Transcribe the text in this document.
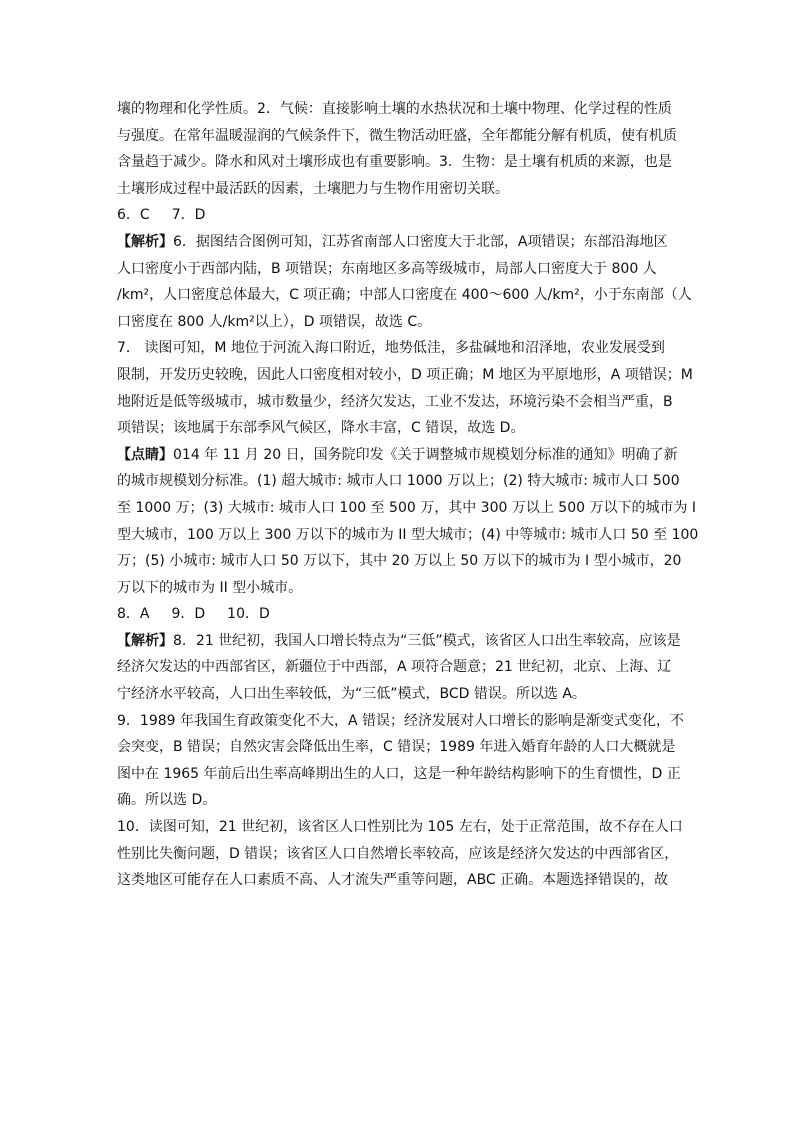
壤的物理和化学性质。2．气候：直接影响土壤的水热状况和土壤中物理、化学过程的性质
与强度。在常年温暖湿润的气候条件下，微生物活动旺盛，全年都能分解有机质，使有机质
含量趋于减少。降水和风对土壤形成也有重要影响。3．生物：是土壤有机质的来源，也是
土壤形成过程中最活跃的因素，土壤肥力与生物作用密切关联。
6．C 7．D
【解析】6．据图结合图例可知，江苏省南部人口密度大于北部，A项错误；东部沿海地区
人口密度小于西部内陆，B 项错误；东南地区多高等级城市，局部人口密度大于 800 人
/km²，人口密度总体最大，C 项正确；中部人口密度在 400～600 人/km²，小于东南部（人
口密度在 800 人/km²以上），D 项错误，故选 C。
7． 读图可知，M 地位于河流入海口附近，地势低洼，多盐碱地和沼泽地，农业发展受到
限制，开发历史较晚，因此人口密度相对较小，D 项正确；M 地区为平原地形，A 项错误；M
地附近是低等级城市，城市数量少，经济欠发达，工业不发达，环境污染不会相当严重，B
项错误；该地属于东部季风气候区，降水丰富，C 错误，故选 D。
【点睛】014 年 11 月 20 日，国务院印发《关于调整城市规模划分标准的通知》明确了新
的城市规模划分标准。(1) 超大城市: 城市人口 1000 万以上；(2) 特大城市: 城市人口 500
至 1000 万；(3) 大城市: 城市人口 100 至 500 万，其中 300 万以上 500 万以下的城市为 I
型大城市，100 万以上 300 万以下的城市为 II 型大城市；(4) 中等城市: 城市人口 50 至 100
万；(5) 小城市: 城市人口 50 万以下，其中 20 万以上 50 万以下的城市为 I 型小城市，20
万以下的城市为 II 型小城市。
8．A 9．D 10．D
【解析】8．21 世纪初，我国人口增长特点为“三低”模式，该省区人口出生率较高，应该是
经济欠发达的中西部省区，新疆位于中西部，A 项符合题意；21 世纪初，北京、上海、辽
宁经济水平较高，人口出生率较低，为“三低”模式，BCD 错误。所以选 A。
9．1989 年我国生育政策变化不大，A 错误；经济发展对人口增长的影响是渐变式变化，不
会突变，B 错误；自然灾害会降低出生率，C 错误；1989 年进入婚育年龄的人口大概就是
图中在 1965 年前后出生率高峰期出生的人口，这是一种年龄结构影响下的生育惯性，D 正
确。所以选 D。
10．读图可知，21 世纪初，该省区人口性别比为 105 左右，处于正常范围，故不存在人口
性别比失衡问题，D 错误；该省区人口自然增长率较高，应该是经济欠发达的中西部省区，
这类地区可能存在人口素质不高、人才流失严重等问题，ABC 正确。本题选择错误的，故
